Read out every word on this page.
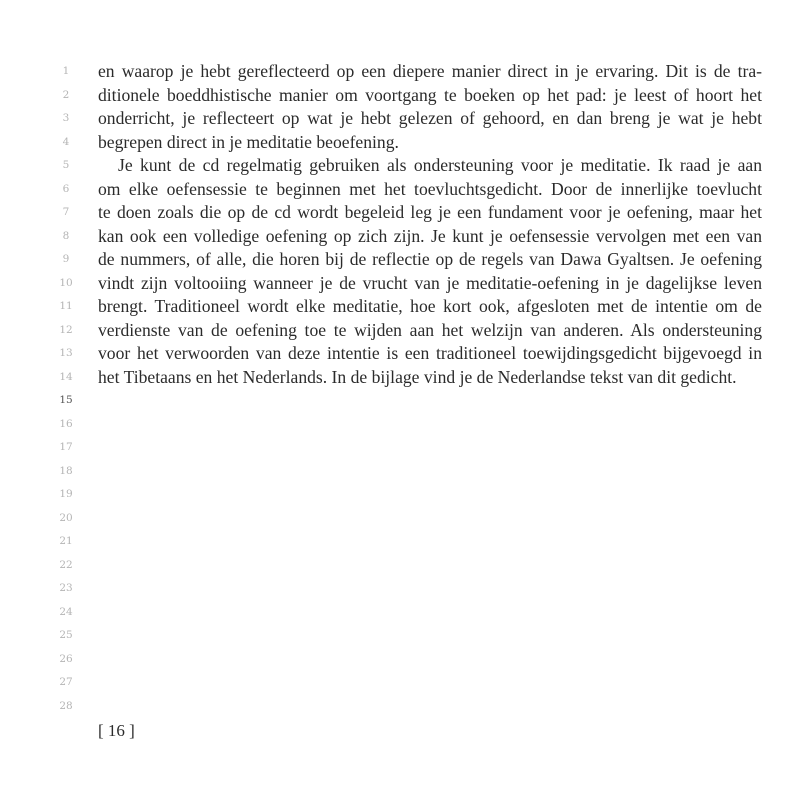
1
2
3
4
5
6
7
8
9
10
11
12
13
14
15
16
17
18
19
20
21
22
23
24
25
26
27
28
en waarop je hebt gereflecteerd op een diepere manier direct in je ervaring. Dit is de tra-
ditionele boeddhistische manier om voortgang te boeken op het pad: je leest of hoort het
onderricht, je reflecteert op wat je hebt gelezen of gehoord, en dan breng je wat je hebt
begrepen direct in je meditatie beoefening.
Je kunt de cd regelmatig gebruiken als ondersteuning voor je meditatie. Ik raad je aan
om elke oefensessie te beginnen met het toevluchtsgedicht. Door de innerlijke toevlucht
te doen zoals die op de cd wordt begeleid leg je een fundament voor je oefening, maar het
kan ook een volledige oefening op zich zijn. Je kunt je oefensessie vervolgen met een van
de nummers, of alle, die horen bij de reflectie op de regels van Dawa Gyaltsen. Je oefening
vindt zijn voltooiing wanneer je de vrucht van je meditatie-oefening in je dagelijkse leven
brengt. Traditioneel wordt elke meditatie, hoe kort ook, afgesloten met de intentie om de
verdienste van de oefening toe te wijden aan het welzijn van anderen. Als ondersteuning
voor het verwoorden van deze intentie is een traditioneel toewijdingsgedicht bijgevoegd in
het Tibetaans en het Nederlands. In de bijlage vind je de Nederlandse tekst van dit gedicht.
[ 16 ]
